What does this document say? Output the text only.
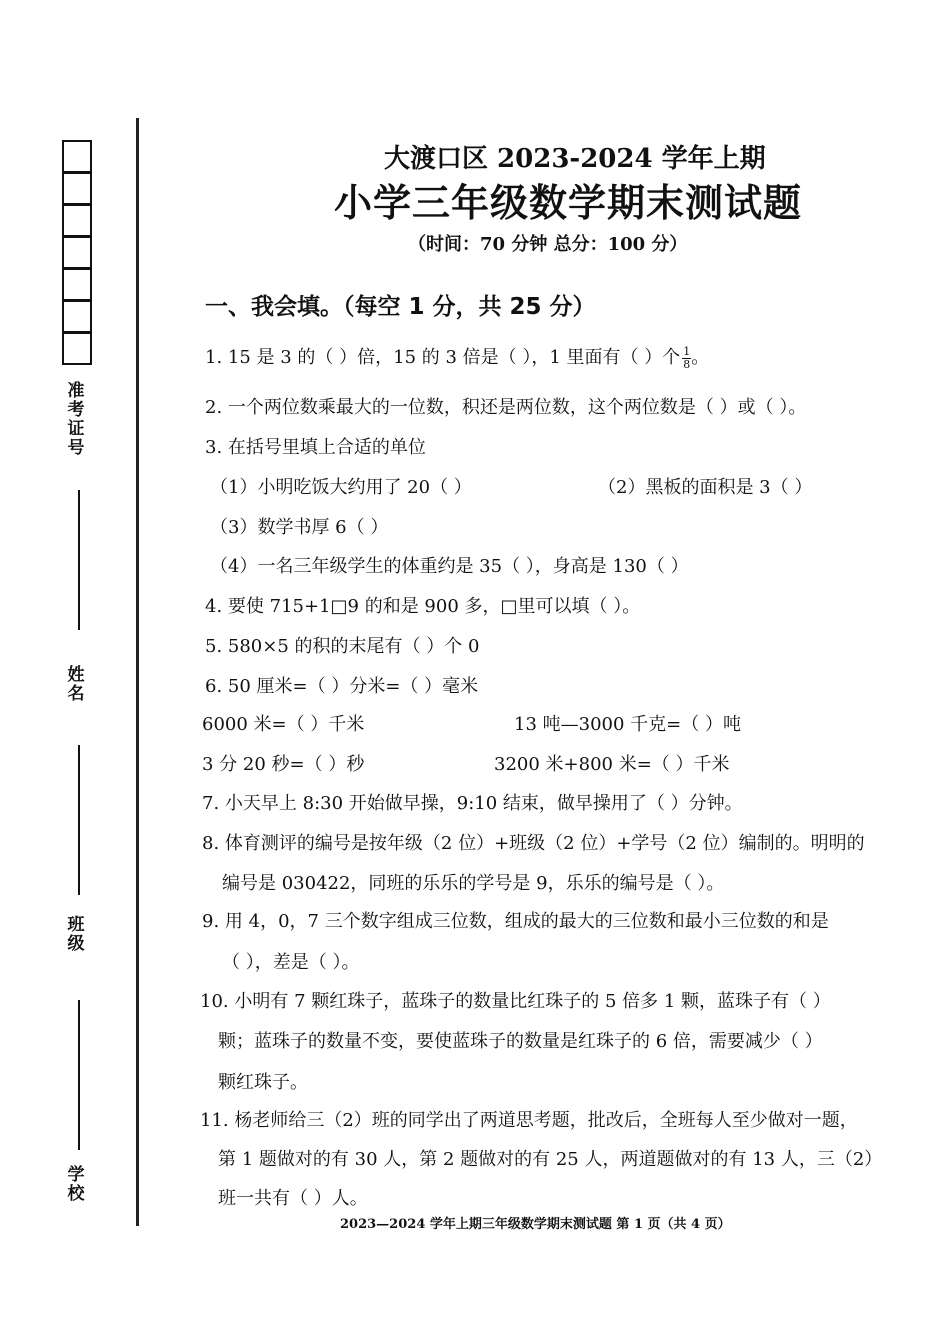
准考证号
姓名
班级
学校
大渡口区 2023-2024 学年上期
小学三年级数学期末测试题
（时间：70 分钟 总分：100 分）
一、我会填。（每空 1 分，共 25 分）
1. 15 是 3 的（ ）倍，15 的 3 倍是（ ），1 里面有（ ）个 $\frac{1}{8}$ 。
2. 一个两位数乘最大的一位数，积还是两位数，这个两位数是（ ）或（ ）。
3. 在括号里填上合适的单位
（1）小明吃饭大约用了 20（ ）	（2）黑板的面积是 3（ ）
（3）数学书厚 6（ ）
（4）一名三年级学生的体重约是 35（ ），身高是 130（ ）
4. 要使 715+1□9 的和是 900 多，□里可以填（ ）。
5. 580×5 的积的末尾有（ ）个 0
6. 50 厘米=（ ）分米=（ ）毫米
6000 米=（ ）千米	13 吨—3000 千克=（ ）吨
3 分 20 秒=（ ）秒	3200 米+800 米=（ ）千米
7. 小天早上 8:30 开始做早操，9:10 结束，做早操用了（ ）分钟。
8. 体育测评的编号是按年级（2 位）+班级（2 位）+学号（2 位）编制的。明明的
编号是 030422，同班的乐乐的学号是 9，乐乐的编号是（ ）。
9. 用 4，0，7 三个数字组成三位数，组成的最大的三位数和最小三位数的和是
（ ），差是（ ）。
10. 小明有 7 颗红珠子，蓝珠子的数量比红珠子的 5 倍多 1 颗，蓝珠子有（ ）
颗；蓝珠子的数量不变，要使蓝珠子的数量是红珠子的 6 倍，需要减少（ ）
颗红珠子。
11. 杨老师给三（2）班的同学出了两道思考题，批改后，全班每人至少做对一题，
第 1 题做对的有 30 人，第 2 题做对的有 25 人，两道题做对的有 13 人，三（2）
班一共有（ ）人。
2023—2024 学年上期三年级数学期末测试题 第 1 页（共 4 页）
